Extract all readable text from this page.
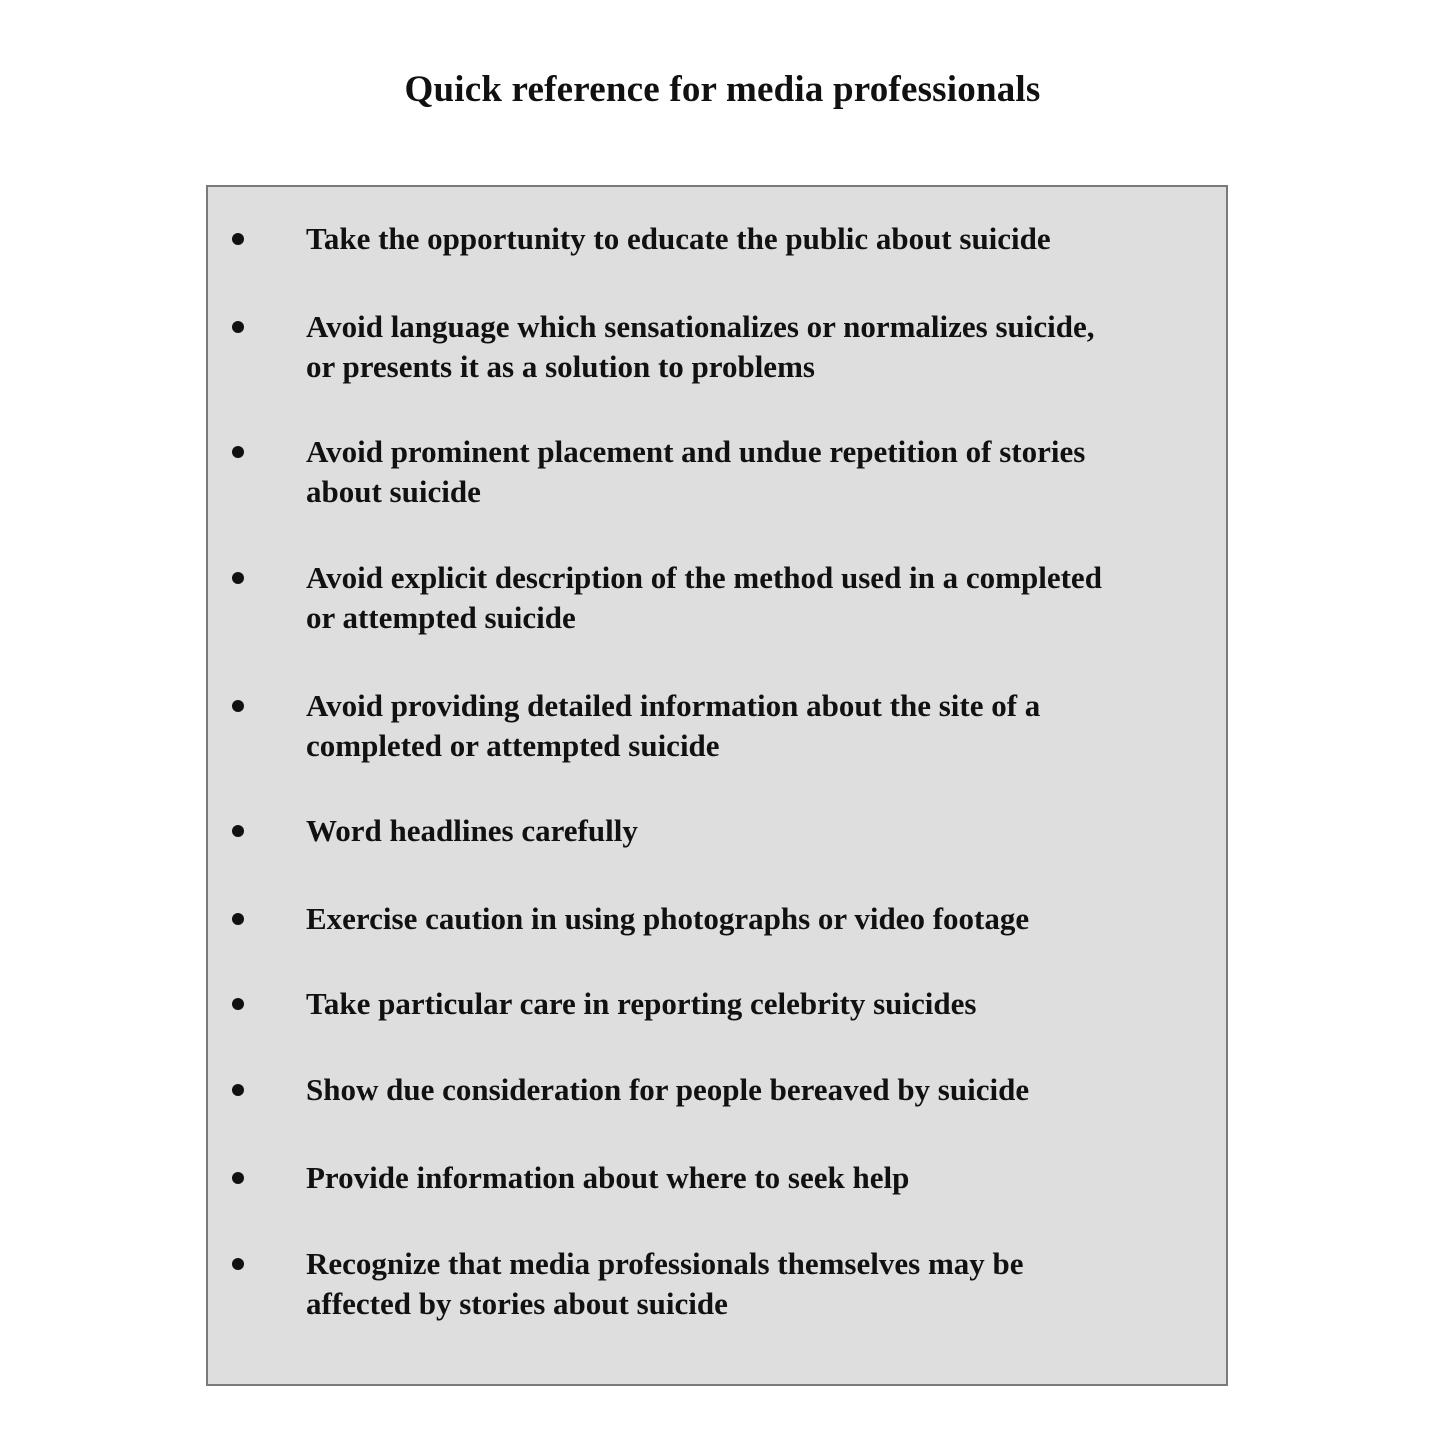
Quick reference for media professionals
Take the opportunity to educate the public about suicide
Avoid language which sensationalizes or normalizes suicide,
or presents it as a solution to problems
Avoid prominent placement and undue repetition of stories
about suicide
Avoid explicit description of the method used in a completed
or attempted suicide
Avoid providing detailed information about the site of a
completed or attempted suicide
Word headlines carefully
Exercise caution in using photographs or video footage
Take particular care in reporting celebrity suicides
Show due consideration for people bereaved by suicide
Provide information about where to seek help
Recognize that media professionals themselves may be
affected by stories about suicide
